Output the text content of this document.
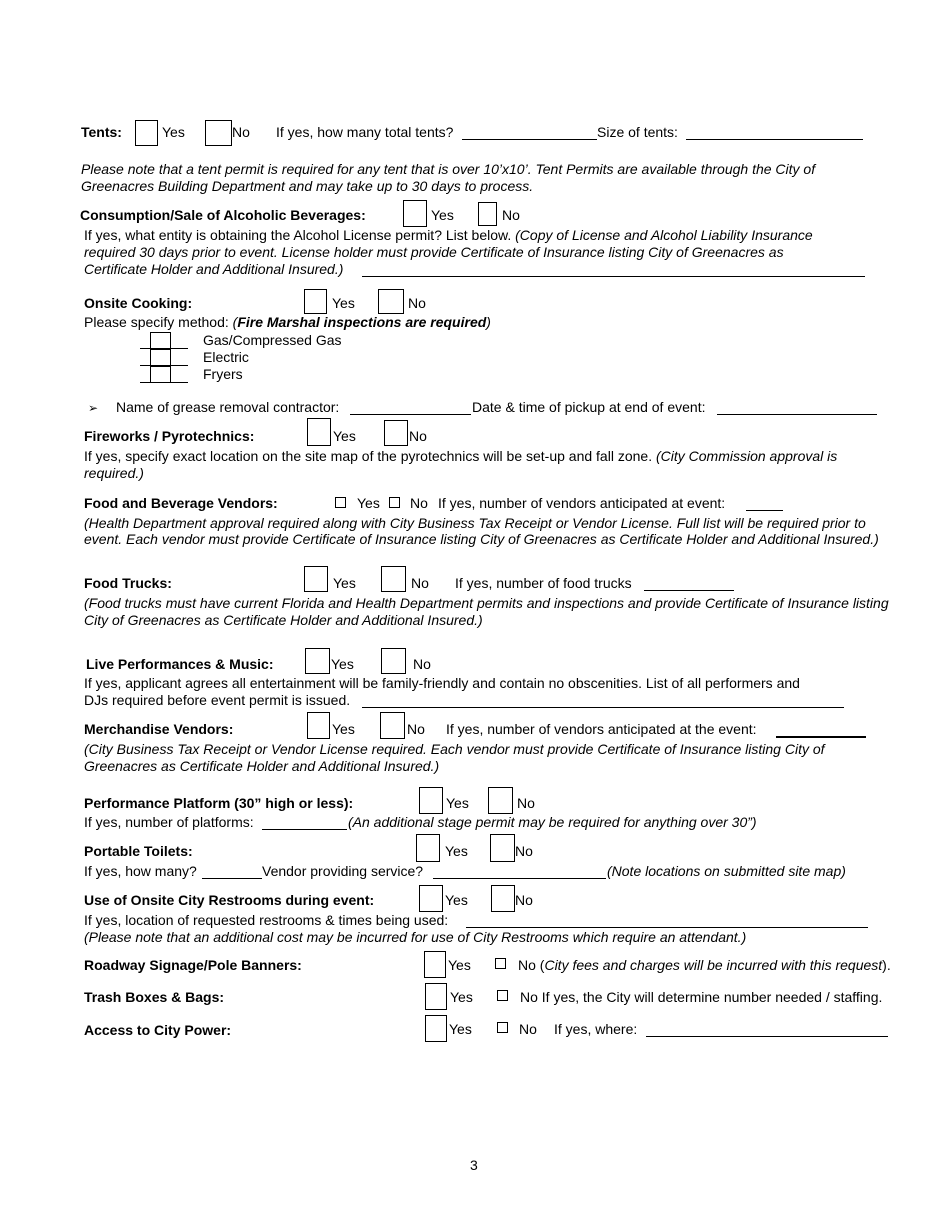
Tents:	Yes	No If yes, how many total tents?	Size of tents:
Please note that a tent permit is required for any tent that is over 10’x10’. Tent Permits are available through the City of
Greenacres Building Department and may take up to 30 days to process.
Consumption/Sale of Alcoholic Beverages:	Yes	No
If yes, what entity is obtaining the Alcohol License permit? List below. (Copy of License and Alcohol Liability Insurance
required 30 days prior to event. License holder must provide Certificate of Insurance listing City of Greenacres as
Certificate Holder and Additional Insured.)
Onsite Cooking:	Yes	No
Please specify method: (Fire Marshal inspections are required)
Gas/Compressed Gas
Electric
Fryers
➢ Name of grease removal contractor:	Date & time of pickup at end of event:
Fireworks / Pyrotechnics:	Yes	No
If yes, specify exact location on the site map of the pyrotechnics will be set-up and fall zone. (City Commission approval is
required.)
Food and Beverage Vendors:	Yes No If yes, number of vendors anticipated at event:
(Health Department approval required along with City Business Tax Receipt or Vendor License. Full list will be required prior to
event. Each vendor must provide Certificate of Insurance listing City of Greenacres as Certificate Holder and Additional Insured.)
Food Trucks:	Yes	No If yes, number of food trucks
(Food trucks must have current Florida and Health Department permits and inspections and provide Certificate of Insurance listing
City of Greenacres as Certificate Holder and Additional Insured.)
Live Performances & Music:	Yes	No
If yes, applicant agrees all entertainment will be family-friendly and contain no obscenities. List of all performers and
DJs required before event permit is issued.
Merchandise Vendors:	Yes	No If yes, number of vendors anticipated at the event:
(City Business Tax Receipt or Vendor License required. Each vendor must provide Certificate of Insurance listing City of
Greenacres as Certificate Holder and Additional Insured.)
Performance Platform (30” high or less):	Yes	No
If yes, number of platforms:	(An additional stage permit may be required for anything over 30”)
Portable Toilets:	Yes	No
If yes, how many?	Vendor providing service?	(Note locations on submitted site map)
Use of Onsite City Restrooms during event:	Yes	No
If yes, location of requested restrooms & times being used:
(Please note that an additional cost may be incurred for use of City Restrooms which require an attendant.)
Roadway Signage/Pole Banners:	Yes	No (City fees and charges will be incurred with this request).
Trash Boxes & Bags:	Yes	No If yes, the City will determine number needed / staffing.
Access to City Power:	Yes	No If yes, where:
3
